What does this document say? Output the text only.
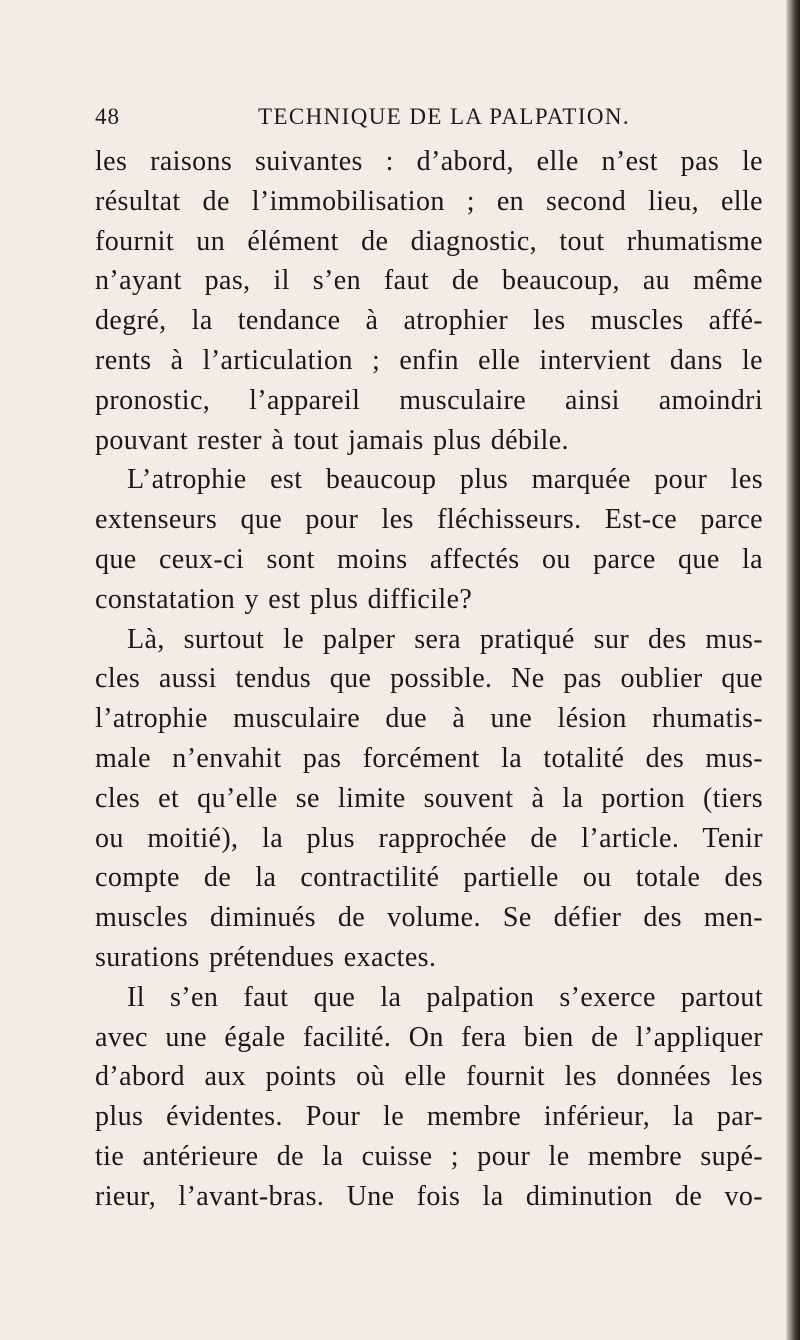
48	TECHNIQUE DE LA PALPATION.
les raisons suivantes : d’abord, elle n’est pas le
résultat de l’immobilisation ; en second lieu, elle
fournit un élément de diagnostic, tout rhumatisme
n’ayant pas, il s’en faut de beaucoup, au même
degré, la tendance à atrophier les muscles affé-
rents à l’articulation ; enfin elle intervient dans le
pronostic, l’appareil musculaire ainsi amoindri
pouvant rester à tout jamais plus débile.
L’atrophie est beaucoup plus marquée pour les
extenseurs que pour les fléchisseurs. Est-ce parce
que ceux-ci sont moins affectés ou parce que la
constatation y est plus difficile?
Là, surtout le palper sera pratiqué sur des mus-
cles aussi tendus que possible. Ne pas oublier que
l’atrophie musculaire due à une lésion rhumatis-
male n’envahit pas forcément la totalité des mus-
cles et qu’elle se limite souvent à la portion (tiers
ou moitié), la plus rapprochée de l’article. Tenir
compte de la contractilité partielle ou totale des
muscles diminués de volume. Se défier des men-
surations prétendues exactes.
Il s’en faut que la palpation s’exerce partout
avec une égale facilité. On fera bien de l’appliquer
d’abord aux points où elle fournit les données les
plus évidentes. Pour le membre inférieur, la par-
tie antérieure de la cuisse ; pour le membre supé-
rieur, l’avant-bras. Une fois la diminution de vo-
